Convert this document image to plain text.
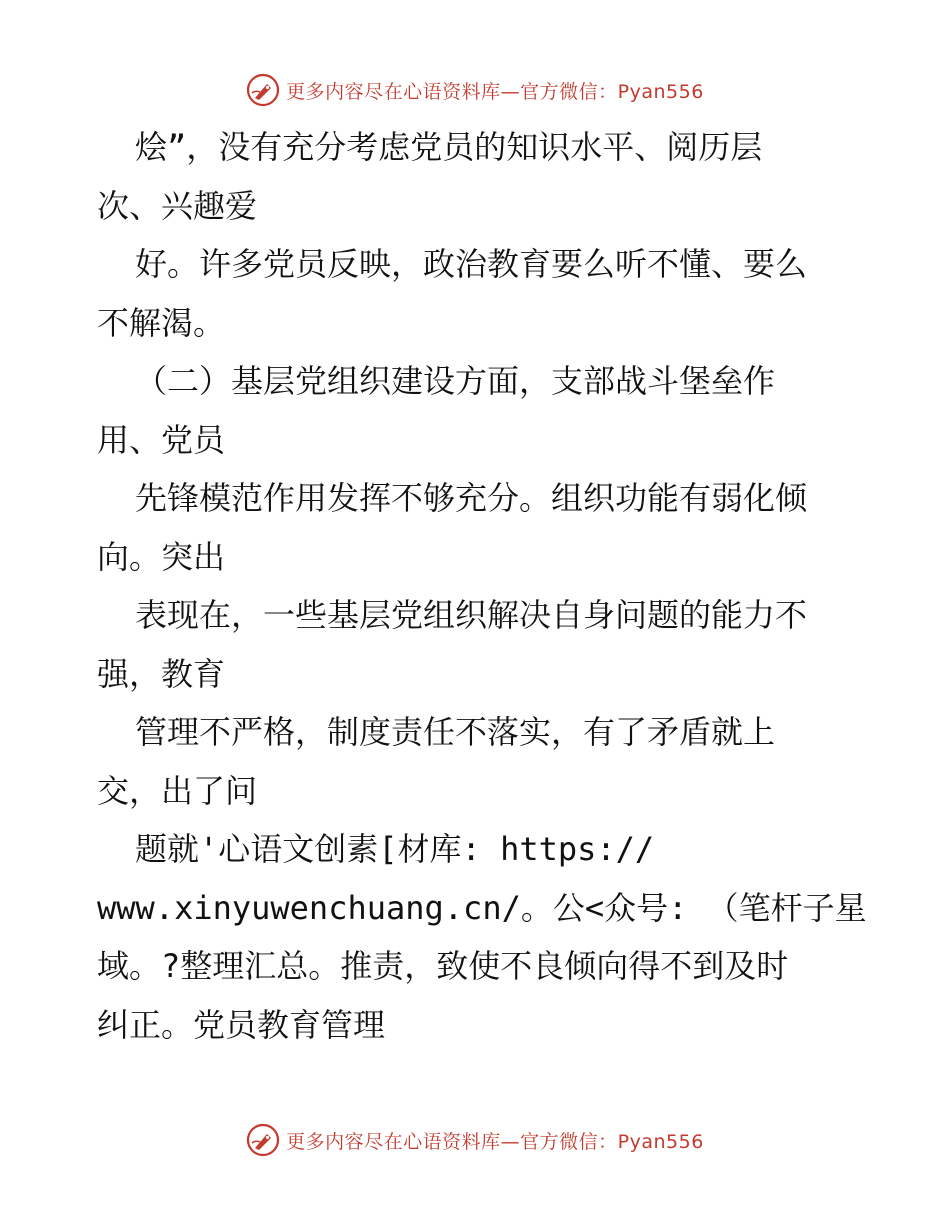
更多内容尽在心语资料库—官方微信：Pyan556
烩”，没有充分考虑党员的知识水平、阅历层
次、兴趣爱
好。许多党员反映，政治教育要么听不懂、要么
不解渴。
（二）基层党组织建设方面，支部战斗堡垒作
用、党员
先锋模范作用发挥不够充分。组织功能有弱化倾
向。突出
表现在，一些基层党组织解决自身问题的能力不
强，教育
管理不严格，制度责任不落实，有了矛盾就上
交，出了问
题就'心语文创素[材库: https://
www.xinyuwenchuang.cn/。公<众号: （笔杆子星
域。?整理汇总。推责，致使不良倾向得不到及时
纠正。党员教育管理
更多内容尽在心语资料库—官方微信：Pyan556
